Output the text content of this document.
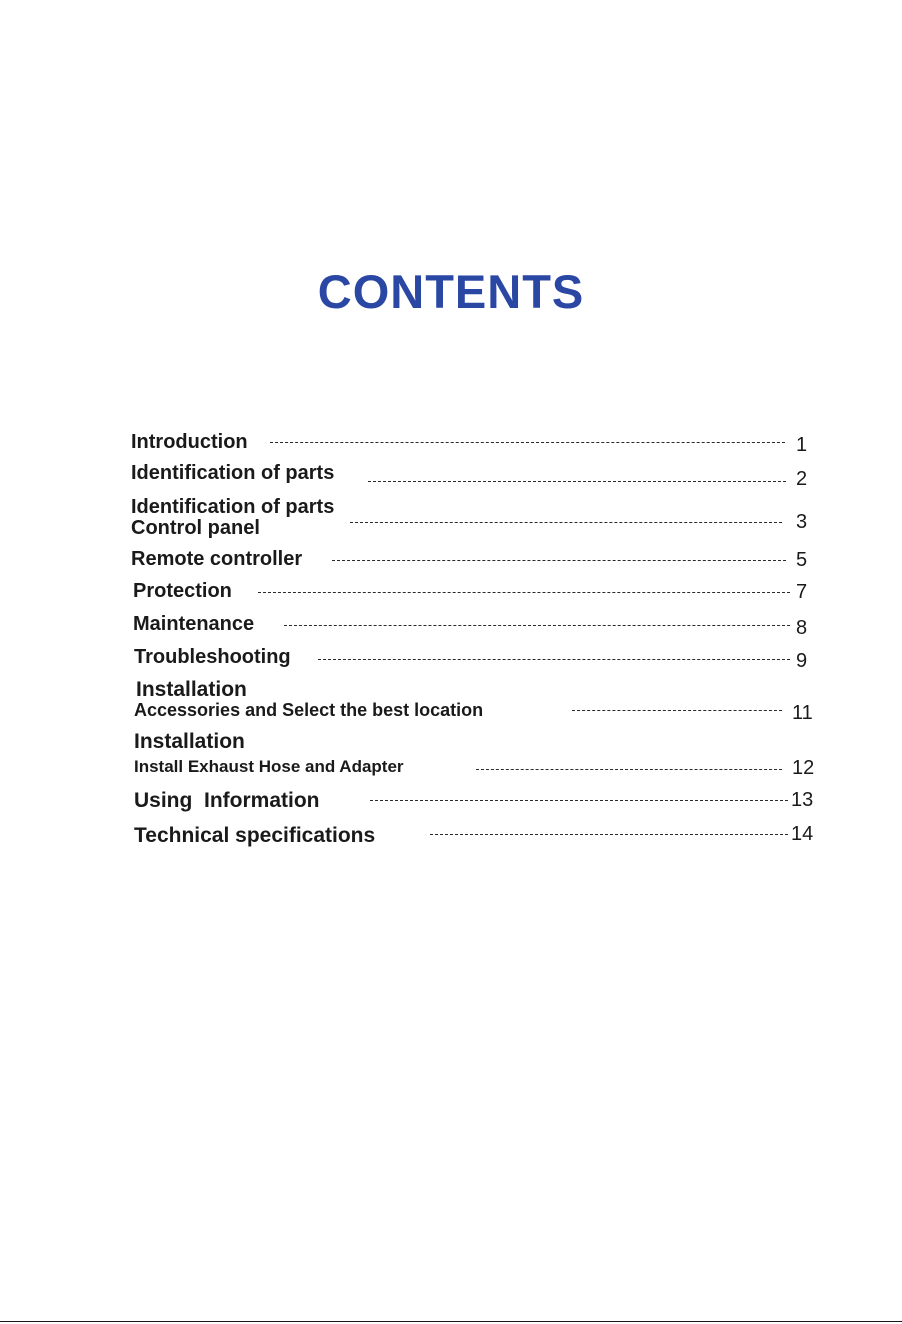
CONTENTS
Introduction	1
Identification of parts	2
Identification of parts
Control panel	3
Remote controller	5
Protection	7
Maintenance	8
Troubleshooting	9
Installation
Accessories and Select the best location	11
Installation
Install Exhaust Hose and Adapter	12
Using  Information	13
Technical specifications	14
